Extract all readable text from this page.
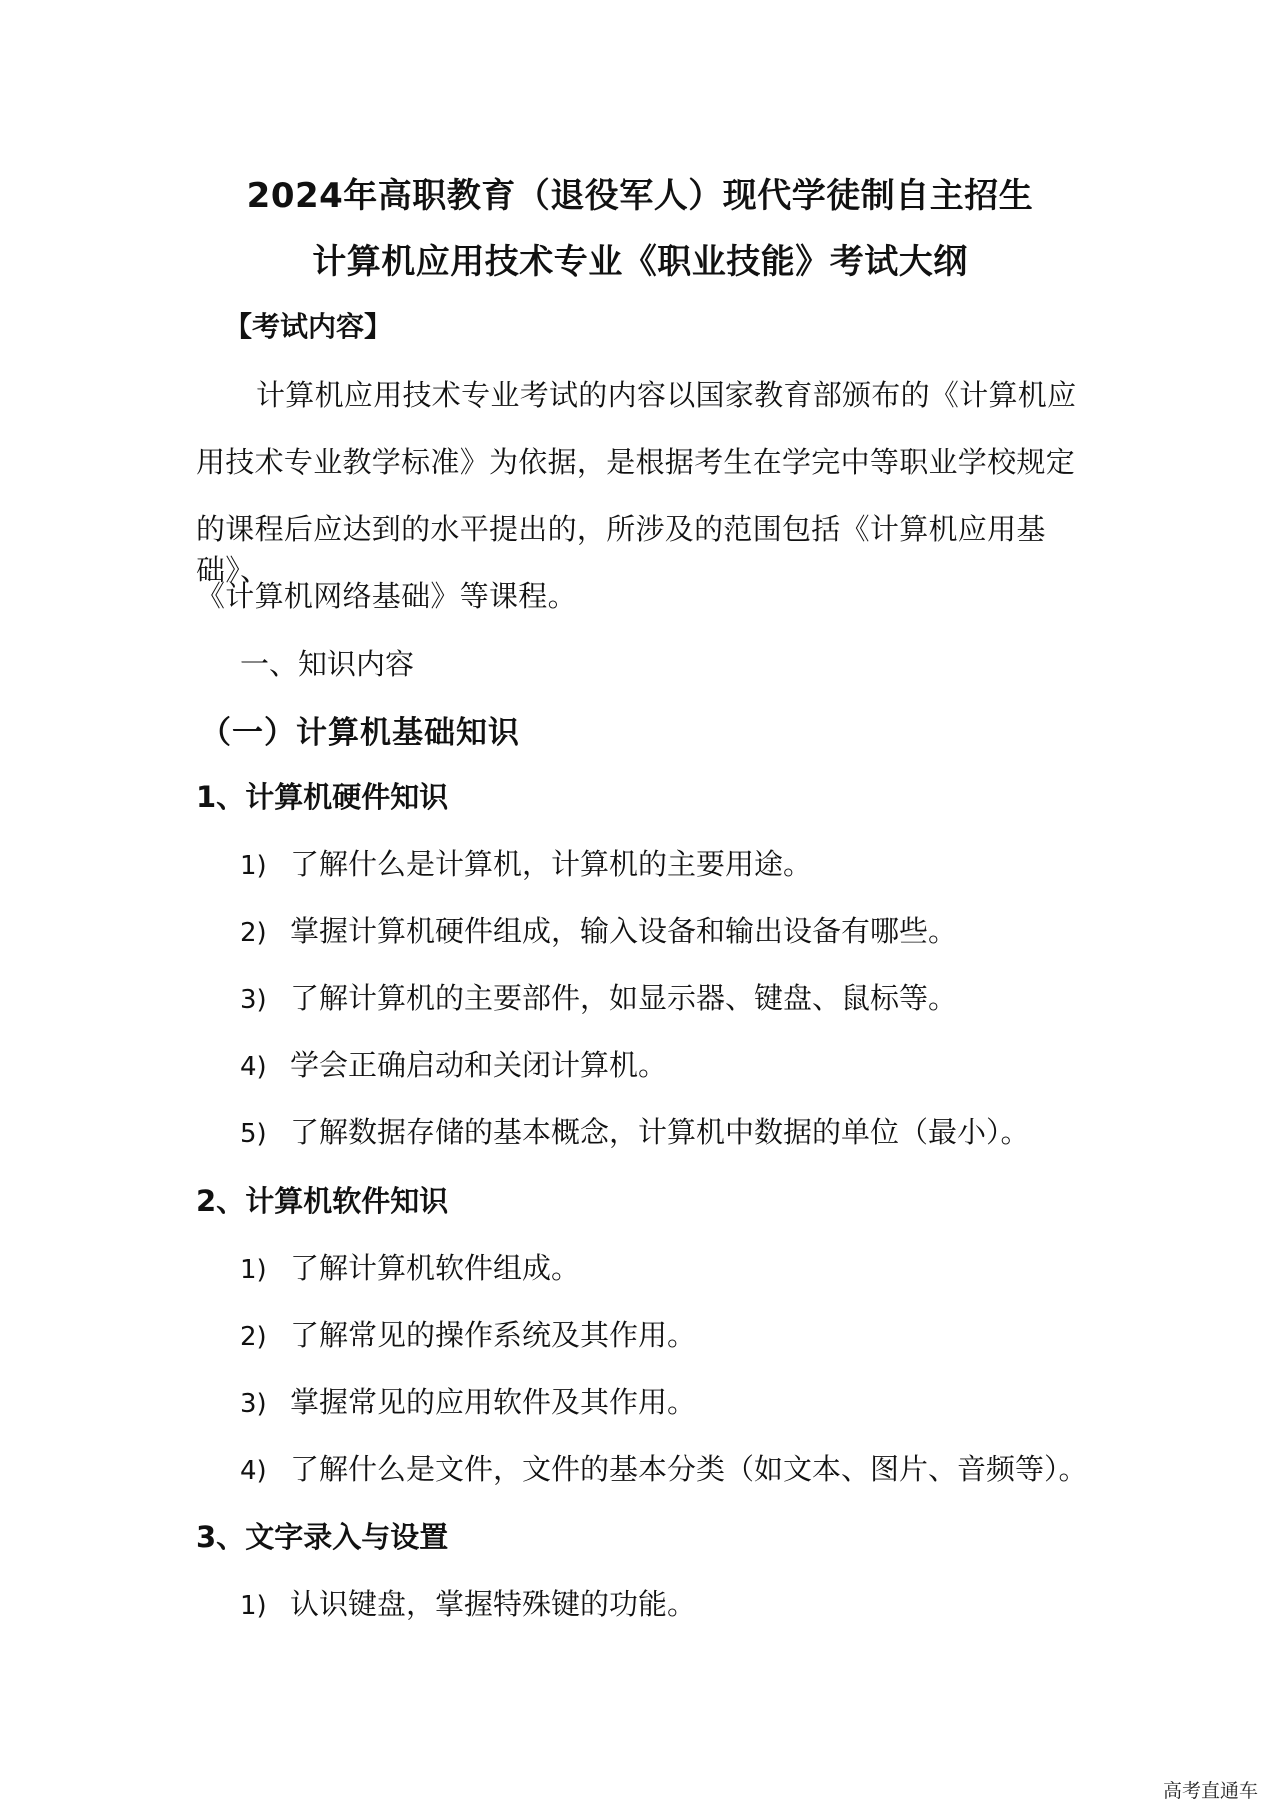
2024年高职教育（退役军人）现代学徒制自主招生
计算机应用技术专业《职业技能》考试大纲
【考试内容】
计算机应用技术专业考试的内容以国家教育部颁布的《计算机应
用技术专业教学标准》为依据，是根据考生在学完中等职业学校规定
的课程后应达到的水平提出的，所涉及的范围包括《计算机应用基础》、
《计算机网络基础》等课程。
一、知识内容
（一）计算机基础知识
1、计算机硬件知识
1) 了解什么是计算机，计算机的主要用途。
2) 掌握计算机硬件组成，输入设备和输出设备有哪些。
3) 了解计算机的主要部件，如显示器、键盘、鼠标等。
4) 学会正确启动和关闭计算机。
5) 了解数据存储的基本概念，计算机中数据的单位（最小）。
2、计算机软件知识
1) 了解计算机软件组成。
2) 了解常见的操作系统及其作用。
3) 掌握常见的应用软件及其作用。
4) 了解什么是文件，文件的基本分类（如文本、图片、音频等）。
3、文字录入与设置
1) 认识键盘，掌握特殊键的功能。
高考直通车
